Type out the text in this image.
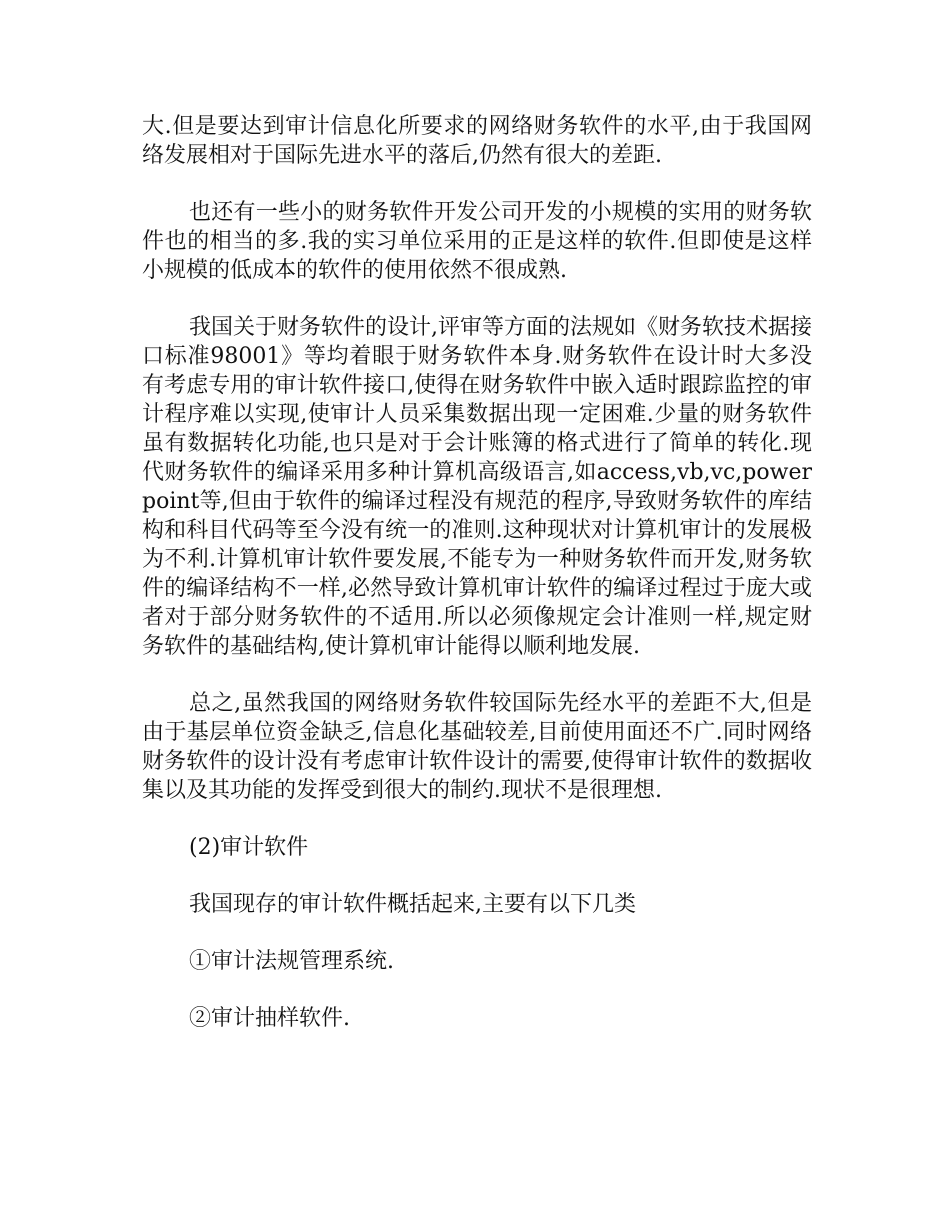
大.但是要达到审计信息化所要求的网络财务软件的水平,由于我国网络发展相对于国际先进水平的落后,仍然有很大的差距.

也还有一些小的财务软件开发公司开发的小规模的实用的财务软件也的相当的多.我的实习单位采用的正是这样的软件.但即使是这样小规模的低成本的软件的使用依然不很成熟.

我国关于财务软件的设计,评审等方面的法规如《财务软技术据接口标准98001》等均着眼于财务软件本身.财务软件在设计时大多没有考虑专用的审计软件接口,使得在财务软件中嵌入适时跟踪监控的审计程序难以实现,使审计人员采集数据出现一定困难.少量的财务软件虽有数据转化功能,也只是对于会计账簿的格式进行了简单的转化.现代财务软件的编译采用多种计算机高级语言,如access,vb,vc,powerpoint等,但由于软件的编译过程没有规范的程序,导致财务软件的库结构和科目代码等至今没有统一的准则.这种现状对计算机审计的发展极为不利.计算机审计软件要发展,不能专为一种财务软件而开发,财务软件的编译结构不一样,必然导致计算机审计软件的编译过程过于庞大或者对于部分财务软件的不适用.所以必须像规定会计准则一样,规定财务软件的基础结构,使计算机审计能得以顺利地发展.

总之,虽然我国的网络财务软件较国际先经水平的差距不大,但是由于基层单位资金缺乏,信息化基础较差,目前使用面还不广.同时网络财务软件的设计没有考虑审计软件设计的需要,使得审计软件的数据收集以及其功能的发挥受到很大的制约.现状不是很理想.

(2)审计软件

我国现存的审计软件概括起来,主要有以下几类

①审计法规管理系统.

②审计抽样软件.
